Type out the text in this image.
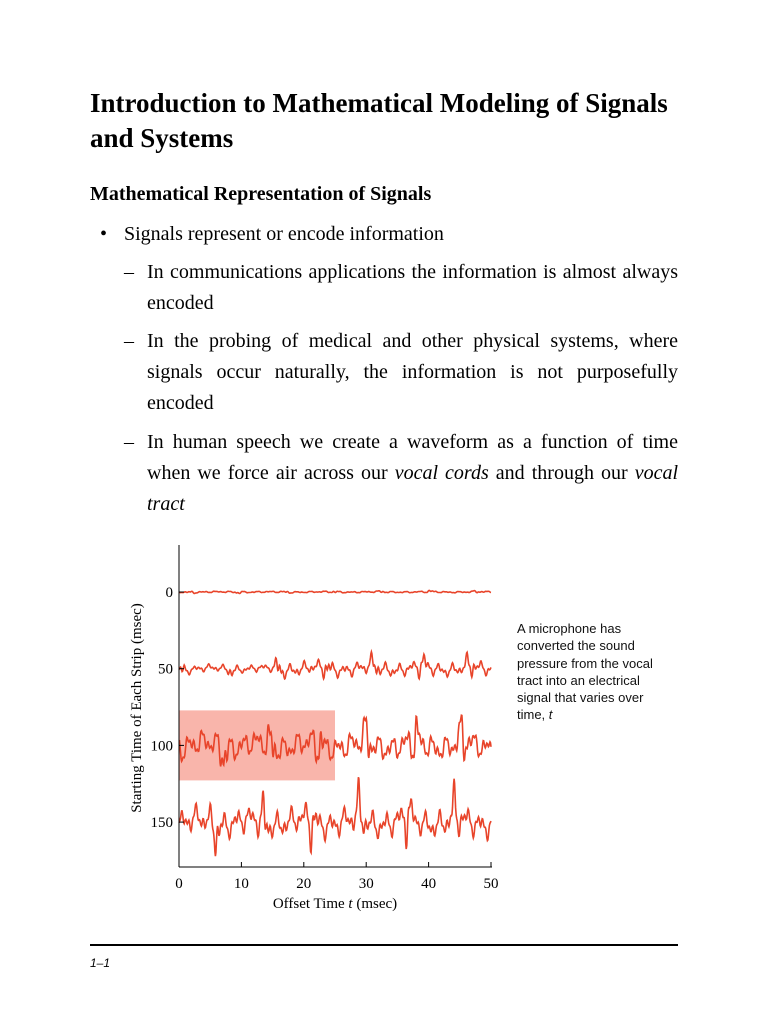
Introduction to Mathematical Modeling of Signals and Systems
Mathematical Representation of Signals
• Signals represent or encode information
– In communications applications the information is almost always encoded
– In the probing of medical and other physical systems, where signals occur naturally, the information is not purposefully encoded
– In human speech we create a waveform as a function of time when we force air across our vocal cords and through our vocal tract
0	10	20	30	40	50
0
50
100
150
Offset Time t (msec)
Starting Time of Each Strip (msec)	A microphone has converted the sound pressure from the vocal tract into an electrical signal that varies over time, t
1–1
